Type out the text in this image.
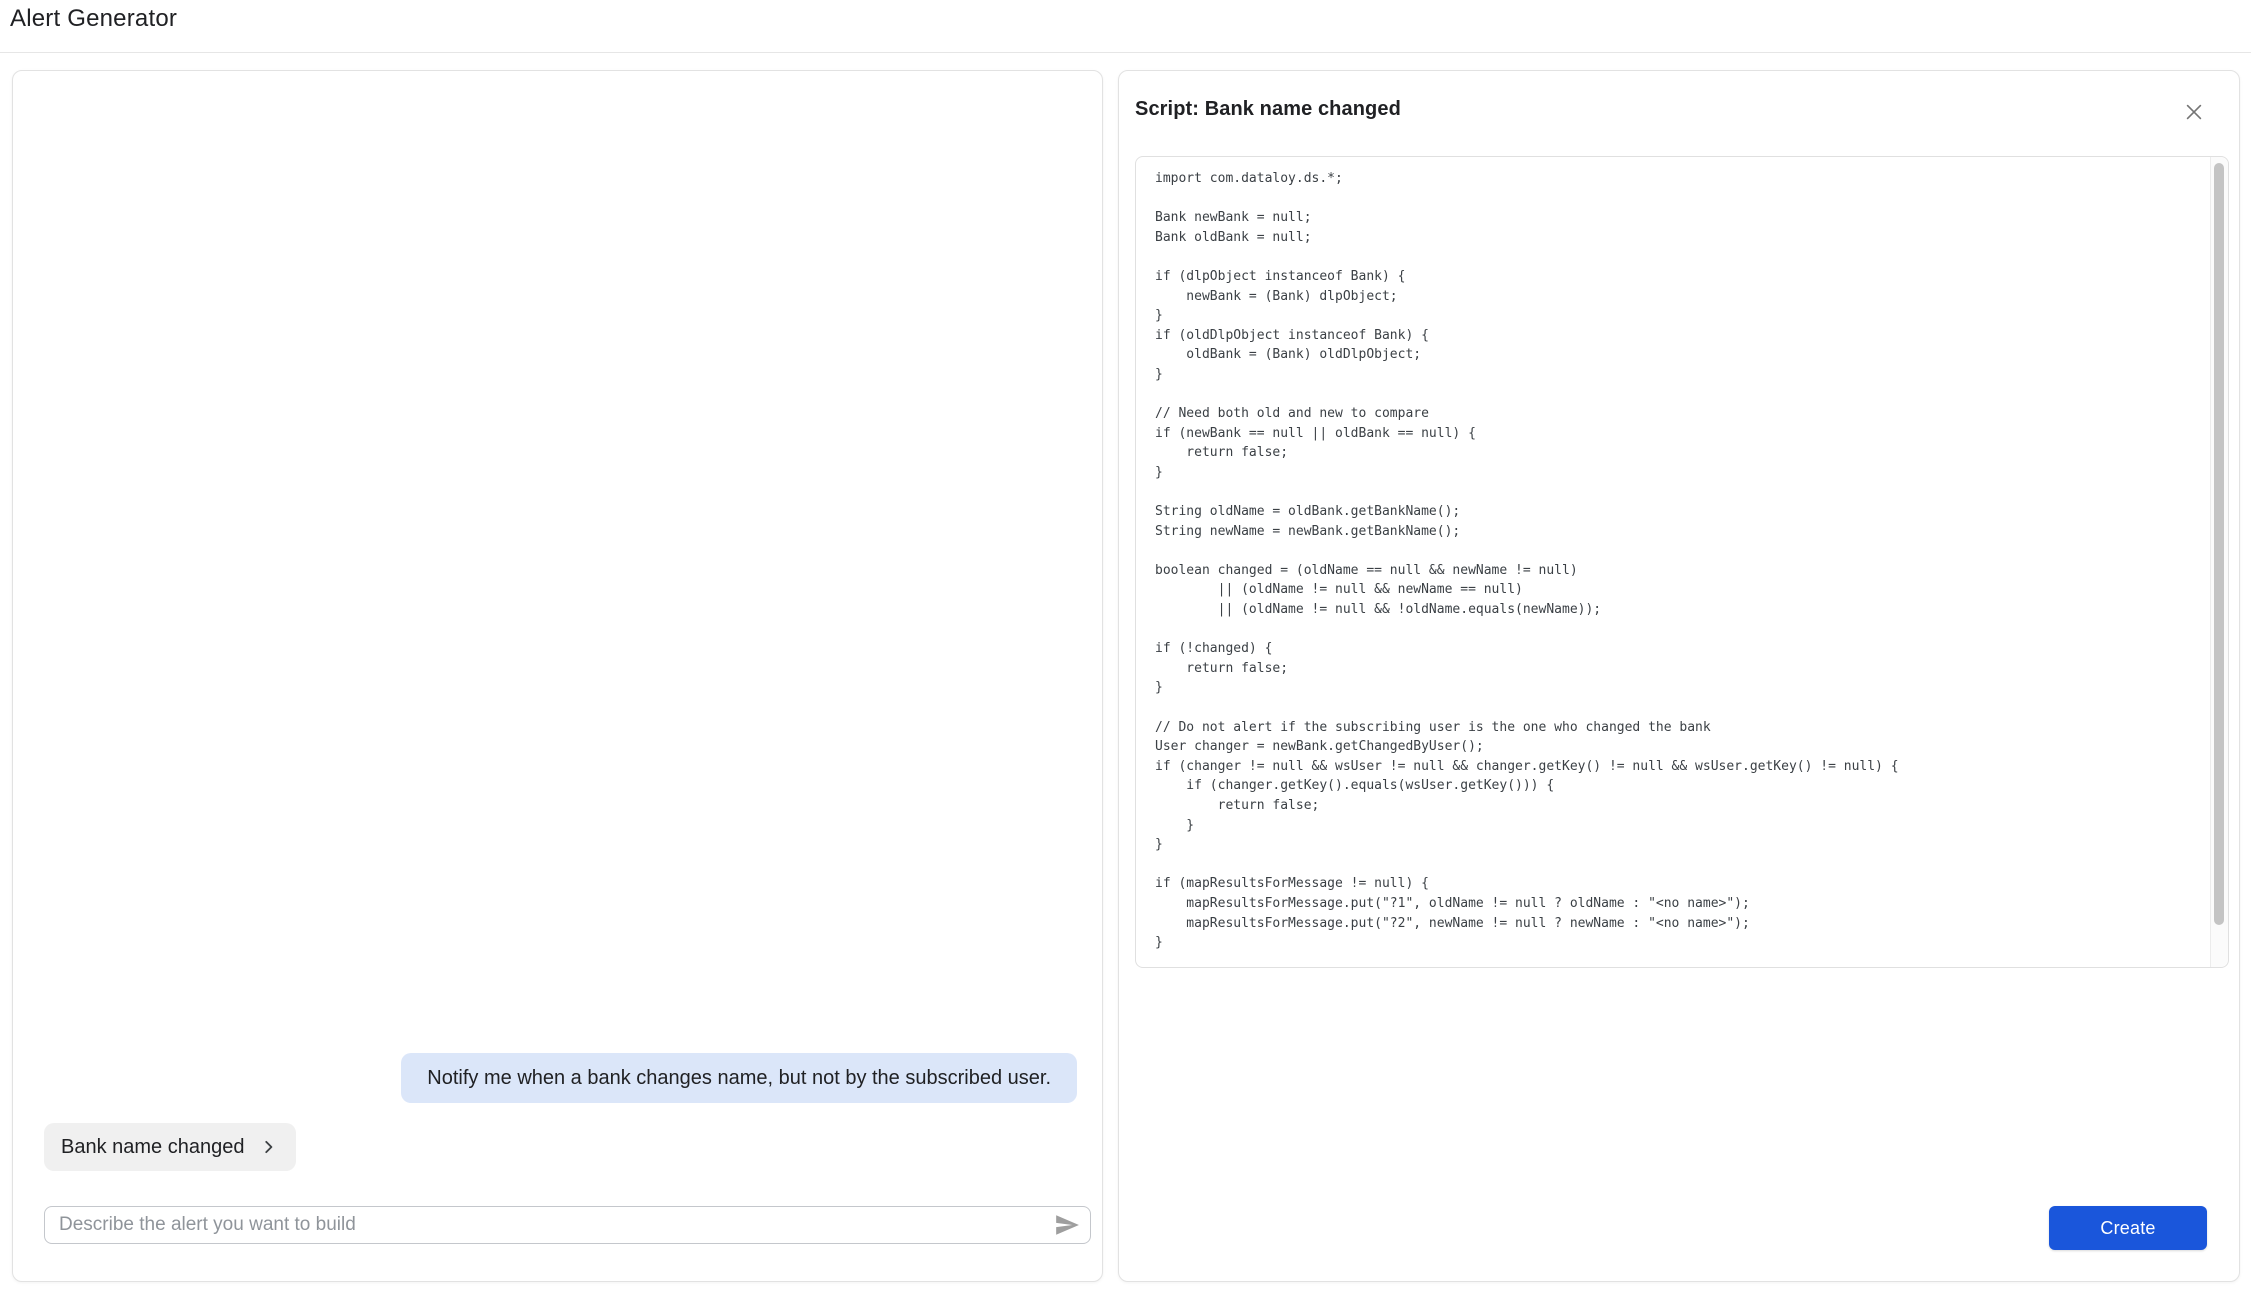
Alert Generator
Notify me when a bank changes name, but not by the subscribed user.
Bank name changed
Describe the alert you want to build
Script: Bank name changed
import com.dataloy.ds.*;

Bank newBank = null;
Bank oldBank = null;

if (dlpObject instanceof Bank) {
newBank = (Bank) dlpObject;
}
if (oldDlpObject instanceof Bank) {
oldBank = (Bank) oldDlpObject;
}

// Need both old and new to compare
if (newBank == null || oldBank == null) {
return false;
}

String oldName = oldBank.getBankName();
String newName = newBank.getBankName();

boolean changed = (oldName == null && newName != null)
|| (oldName != null && newName == null)
|| (oldName != null && !oldName.equals(newName));

if (!changed) {
return false;
}

// Do not alert if the subscribing user is the one who changed the bank
User changer = newBank.getChangedByUser();
if (changer != null && wsUser != null && changer.getKey() != null && wsUser.getKey() != null) {
if (changer.getKey().equals(wsUser.getKey())) {
return false;
}
}

if (mapResultsForMessage != null) {
mapResultsForMessage.put("?1", oldName != null ? oldName : "<no name>");
mapResultsForMessage.put("?2", newName != null ? newName : "<no name>");
}
Create
